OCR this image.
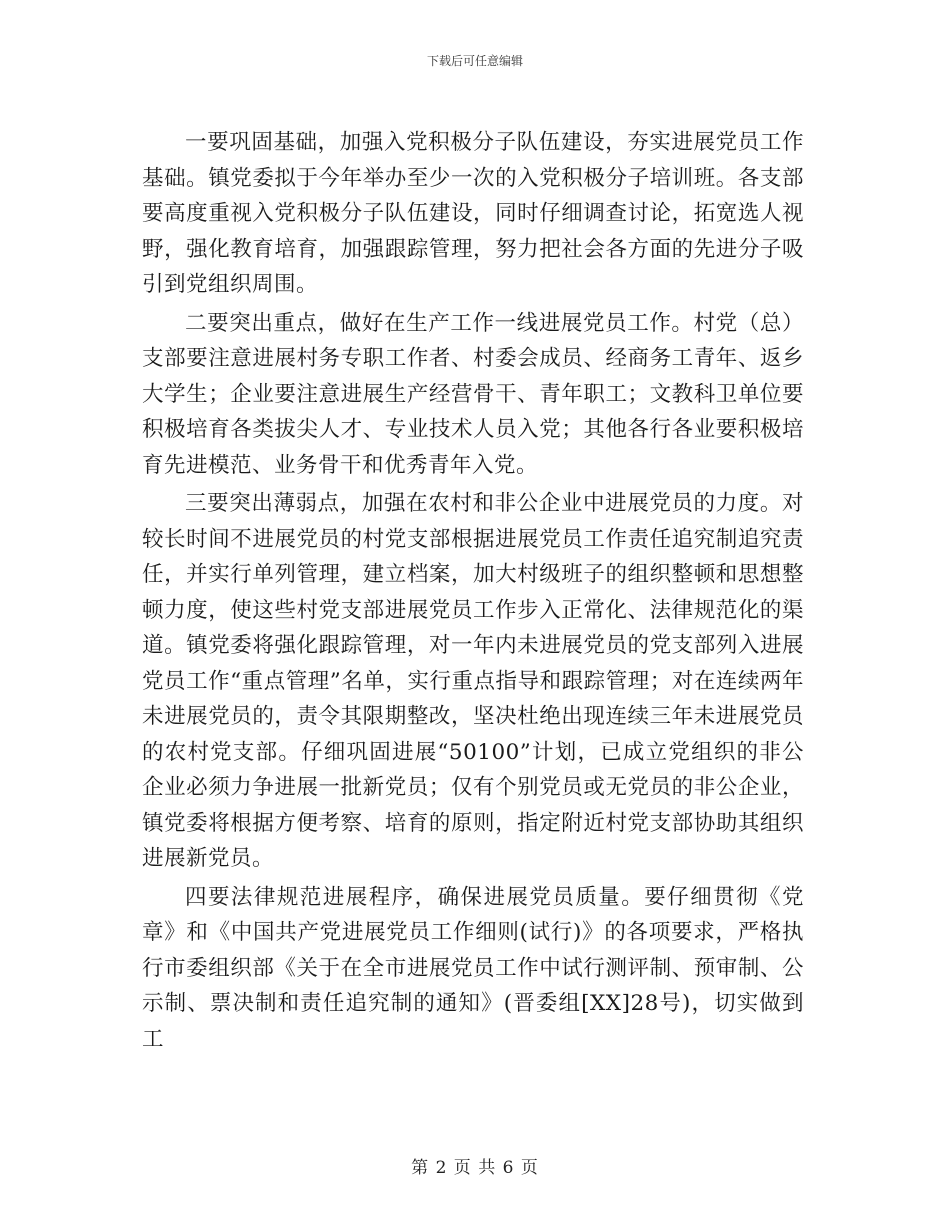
下载后可任意编辑

一要巩固基础，加强入党积极分子队伍建设，夯实进展党员工作基础。镇党委拟于今年举办至少一次的入党积极分子培训班。各支部要高度重视入党积极分子队伍建设，同时仔细调查讨论，拓宽选人视野，强化教育培育，加强跟踪管理，努力把社会各方面的先进分子吸引到党组织周围。

二要突出重点，做好在生产工作一线进展党员工作。村党（总）支部要注意进展村务专职工作者、村委会成员、经商务工青年、返乡大学生；企业要注意进展生产经营骨干、青年职工；文教科卫单位要积极培育各类拔尖人才、专业技术人员入党；其他各行各业要积极培育先进模范、业务骨干和优秀青年入党。

三要突出薄弱点，加强在农村和非公企业中进展党员的力度。对较长时间不进展党员的村党支部根据进展党员工作责任追究制追究责任，并实行单列管理，建立档案，加大村级班子的组织整顿和思想整顿力度，使这些村党支部进展党员工作步入正常化、法律规范化的渠道。镇党委将强化跟踪管理，对一年内未进展党员的党支部列入进展党员工作“重点管理”名单，实行重点指导和跟踪管理；对在连续两年未进展党员的，责令其限期整改，坚决杜绝出现连续三年未进展党员的农村党支部。仔细巩固进展“50100”计划，已成立党组织的非公企业必须力争进展一批新党员；仅有个别党员或无党员的非公企业，镇党委将根据方便考察、培育的原则，指定附近村党支部协助其组织进展新党员。

四要法律规范进展程序，确保进展党员质量。要仔细贯彻《党章》和《中国共产党进展党员工作细则(试行)》的各项要求，严格执行市委组织部《关于在全市进展党员工作中试行测评制、预审制、公示制、票决制和责任追究制的通知》(晋委组[XX]28号)，切实做到工

第 2 页 共 6 页
